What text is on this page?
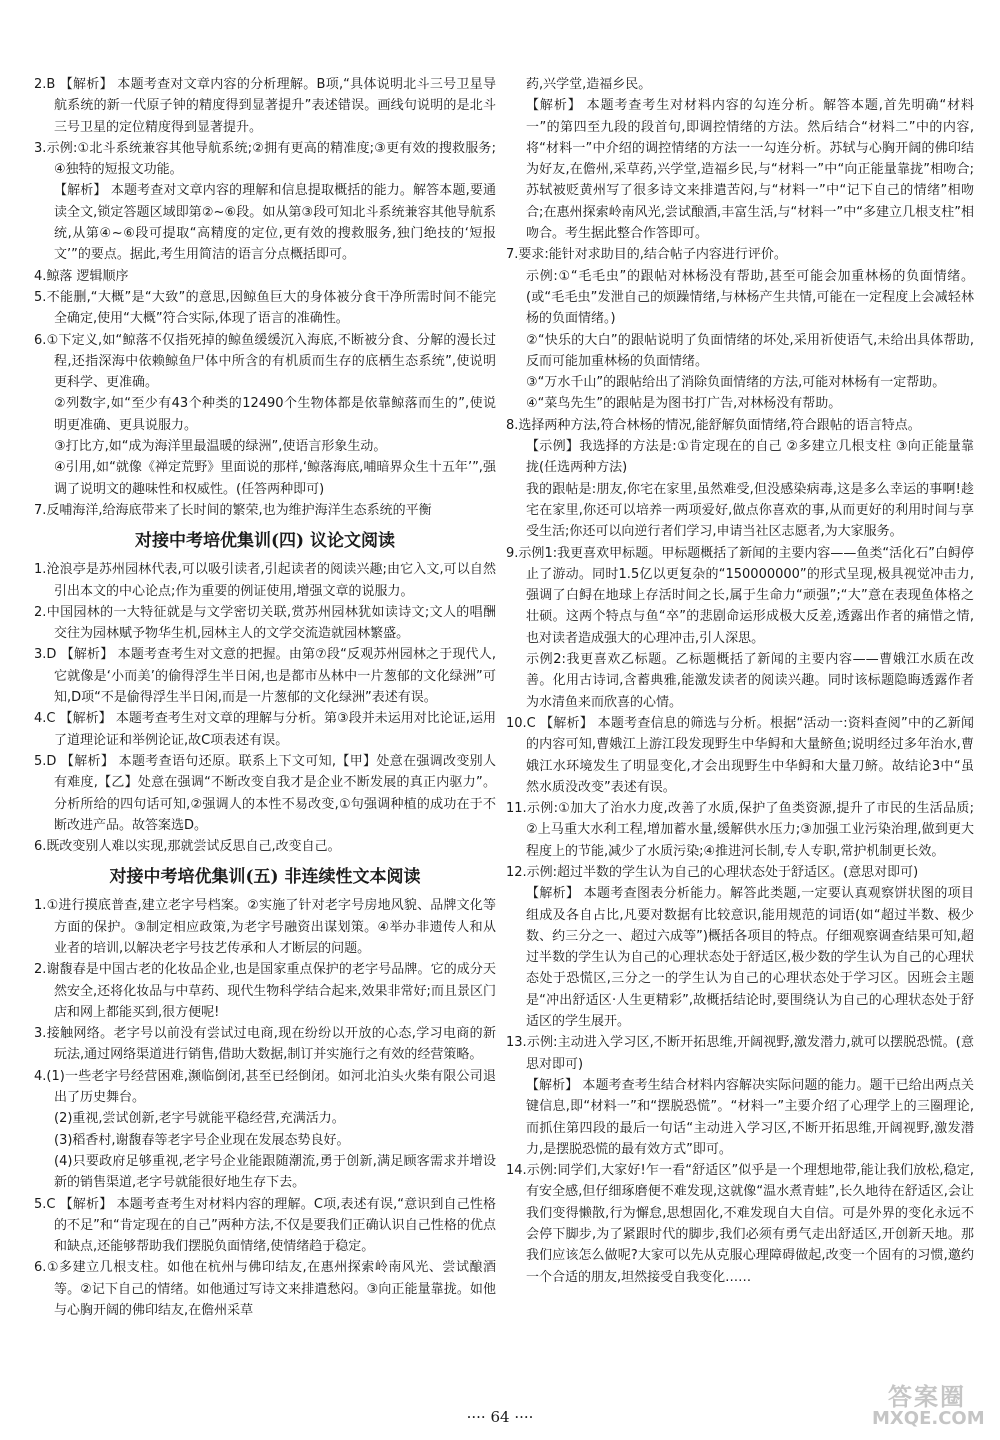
2.B 【解析】 本题考查对文章内容的分析理解。B项,“具体说明北斗三号卫星导航系统的新一代原子钟的精度得到显著提升”表述错误。画线句说明的是北斗三号卫星的定位精度得到显著提升。

3.示例:①北斗系统兼容其他导航系统;②拥有更高的精准度;③更有效的搜救服务;④独特的短报文功能。

【解析】 本题考查对文章内容的理解和信息提取概括的能力。解答本题,要通读全文,锁定答题区域即第②~⑥段。如从第③段可知北斗系统兼容其他导航系统,从第④~⑥段可提取“高精度的定位,更有效的搜救服务,独门绝技的‘短报文’”的要点。据此,考生用简洁的语言分点概括即可。

4.鲸落 逻辑顺序

5.不能删,“大概”是“大致”的意思,因鲸鱼巨大的身体被分食干净所需时间不能完全确定,使用“大概”符合实际,体现了语言的准确性。

6.①下定义,如“鲸落不仅指死掉的鲸鱼缓缓沉入海底,不断被分食、分解的漫长过程,还指深海中依赖鲸鱼尸体中所含的有机质而生存的底栖生态系统”,使说明更科学、更准确。

②列数字,如“至少有43个种类的12490个生物体都是依靠鲸落而生的”,使说明更准确、更具说服力。

③打比方,如“成为海洋里最温暖的绿洲”,使语言形象生动。

④引用,如“就像《禅定荒野》里面说的那样,‘鲸落海底,哺暗界众生十五年’”,强调了说明文的趣味性和权威性。(任答两种即可)

7.反哺海洋,给海底带来了长时间的繁荣,也为维护海洋生态系统的平衡

对接中考培优集训(四) 议论文阅读

1.沧浪亭是苏州园林代表,可以吸引读者,引起读者的阅读兴趣;由它入文,可以自然引出本文的中心论点;作为重要的例证使用,增强文章的说服力。

2.中国园林的一大特征就是与文学密切关联,赏苏州园林犹如读诗文;文人的唱酬交往为园林赋予物华生机,园林主人的文学交流造就园林繁盛。

3.D 【解析】 本题考查考生对文意的把握。由第⑦段“反观苏州园林之于现代人,它就像是‘小而美’的偷得浮生半日闲,也是都市丛林中一片葱郁的文化绿洲”可知,D项“不是偷得浮生半日闲,而是一片葱郁的文化绿洲”表述有误。

4.C 【解析】 本题考查考生对文章的理解与分析。第③段并未运用对比论证,运用了道理论证和举例论证,故C项表述有误。

5.D 【解析】 本题考查语句还原。联系上下文可知,【甲】处意在强调改变别人有难度,【乙】处意在强调“不断改变自我才是企业不断发展的真正内驱力”。分析所给的四句话可知,②强调人的本性不易改变,①句强调种植的成功在于不断改进产品。故答案选D。

6.既改变别人难以实现,那就尝试反思自己,改变自己。

对接中考培优集训(五) 非连续性文本阅读

1.①进行摸底普查,建立老字号档案。②实施了针对老字号房地风貌、品牌文化等方面的保护。③制定相应政策,为老字号融资出谋划策。④举办非遗传人和从业者的培训,以解决老字号技艺传承和人才断层的问题。

2.谢馥春是中国古老的化妆品企业,也是国家重点保护的老字号品牌。它的成分天然安全,还将化妆品与中草药、现代生物科学结合起来,效果非常好;而且景区门店和网上都能买到,很方便呢!

3.接触网络。老字号以前没有尝试过电商,现在纷纷以开放的心态,学习电商的新玩法,通过网络渠道进行销售,借助大数据,制订并实施行之有效的经营策略。

4.(1)一些老字号经营困难,濒临倒闭,甚至已经倒闭。如河北泊头火柴有限公司退出了历史舞台。

(2)重视,尝试创新,老字号就能平稳经营,充满活力。

(3)稻香村,谢馥春等老字号企业现在发展态势良好。

(4)只要政府足够重视,老字号企业能跟随潮流,勇于创新,满足顾客需求并增设新的销售渠道,老字号就能很好地生存下去。

5.C 【解析】 本题考查考生对材料内容的理解。C项,表述有误,“意识到自己性格的不足”和“肯定现在的自己”两种方法,不仅是要我们正确认识自己性格的优点和缺点,还能够帮助我们摆脱负面情绪,使情绪趋于稳定。

6.①多建立几根支柱。如他在杭州与佛印结友,在惠州探索岭南风光、尝试酿酒等。②记下自己的情绪。如他通过写诗文来排遣愁闷。③向正能量靠拢。如他与心胸开阔的佛印结友,在儋州采草

药,兴学堂,造福乡民。

【解析】 本题考查考生对材料内容的勾连分析。解答本题,首先明确“材料一”的第四至九段的段首句,即调控情绪的方法。然后结合“材料二”中的内容,将“材料一”中介绍的调控情绪的方法一一勾连分析。苏轼与心胸开阔的佛印结为好友,在儋州,采草药,兴学堂,造福乡民,与“材料一”中“向正能量靠拢”相吻合;苏轼被贬黄州写了很多诗文来排遣苦闷,与“材料一”中“记下自己的情绪”相吻合;在惠州探索岭南风光,尝试酿酒,丰富生活,与“材料一”中“多建立几根支柱”相吻合。考生据此整合作答即可。

7.要求:能针对求助目的,结合帖子内容进行评价。

示例:①“毛毛虫”的跟帖对林杨没有帮助,甚至可能会加重林杨的负面情绪。(或“毛毛虫”发泄自己的烦躁情绪,与林杨产生共情,可能在一定程度上会减轻林杨的负面情绪。)

②“快乐的大白”的跟帖说明了负面情绪的坏处,采用祈使语气,未给出具体帮助,反而可能加重林杨的负面情绪。

③“万水千山”的跟帖给出了消除负面情绪的方法,可能对林杨有一定帮助。

④“菜鸟先生”的跟帖是为图书打广告,对林杨没有帮助。

8.选择两种方法,符合林杨的情况,能舒解负面情绪,符合跟帖的语言特点。

【示例】我选择的方法是:①肯定现在的自己 ②多建立几根支柱 ③向正能量靠拢(任选两种方法)

我的跟帖是:朋友,你宅在家里,虽然难受,但没感染病毒,这是多么幸运的事啊!趁宅在家里,你还可以培养一两项爱好,做点你喜欢的事,从而更好的利用时间与享受生活;你还可以向逆行者们学习,申请当社区志愿者,为大家服务。

9.示例1:我更喜欢甲标题。甲标题概括了新闻的主要内容——鱼类“活化石”白鲟停止了游动。同时1.5亿以更复杂的“150000000”的形式呈现,极具视觉冲击力,强调了白鲟在地球上存活时间之长,属于生命力“顽强”;“大”意在表现鱼体格之壮硕。这两个特点与鱼“卒”的悲剧命运形成极大反差,透露出作者的痛惜之情,也对读者造成强大的心理冲击,引人深思。

示例2:我更喜欢乙标题。乙标题概括了新闻的主要内容——曹娥江水质在改善。化用古诗词,含蓄典雅,能激发读者的阅读兴趣。同时该标题隐晦透露作者为水清鱼来而欣喜的心情。

10.C 【解析】 本题考查信息的筛选与分析。根据“活动一:资料查阅”中的乙新闻的内容可知,曹娥江上游江段发现野生中华鲟和大量鲚鱼;说明经过多年治水,曹娥江水环境发生了明显变化,才会出现野生中华鲟和大量刀鲚。故结论3中“虽然水质没改变”表述有误。

11.示例:①加大了治水力度,改善了水质,保护了鱼类资源,提升了市民的生活品质;②上马重大水利工程,增加蓄水量,缓解供水压力;③加强工业污染治理,做到更大程度上的节能,减少了水质污染;④推进河长制,专人专职,常护机制更长效。

12.示例:超过半数的学生认为自己的心理状态处于舒适区。(意思对即可)

【解析】 本题考查图表分析能力。解答此类题,一定要认真观察饼状图的项目组成及各自占比,凡要对数据有比较意识,能用规范的词语(如“超过半数、极少数、约三分之一、超过六成等”)概括各项目的特点。仔细观察调查结果可知,超过半数的学生认为自己的心理状态处于舒适区,极少数的学生认为自己的心理状态处于恐慌区,三分之一的学生认为自己的心理状态处于学习区。因班会主题是“冲出舒适区·人生更精彩”,故概括结论时,要围绕认为自己的心理状态处于舒适区的学生展开。

13.示例:主动进入学习区,不断开拓思维,开阔视野,激发潜力,就可以摆脱恐慌。(意思对即可)

【解析】 本题考查考生结合材料内容解决实际问题的能力。题干已给出两点关键信息,即“材料一”和“摆脱恐慌”。“材料一”主要介绍了心理学上的三圈理论,而抓住第四段的最后一句话“主动进入学习区,不断开拓思维,开阔视野,激发潜力,是摆脱恐慌的最有效方式”即可。

14.示例:同学们,大家好!乍一看“舒适区”似乎是一个理想地带,能让我们放松,稳定,有安全感,但仔细琢磨便不难发现,这就像“温水煮青蛙”,长久地待在舒适区,会让我们变得懒散,行为懈怠,思想固化,不难发现自大自信。可是外界的变化永远不会停下脚步,为了紧跟时代的脚步,我们必须有勇气走出舒适区,开创新天地。那我们应该怎么做呢?大家可以先从克服心理障碍做起,改变一个固有的习惯,邀约一个合适的朋友,坦然接受自我变化……

···· 64 ····
答案圈
MXQE.COM
